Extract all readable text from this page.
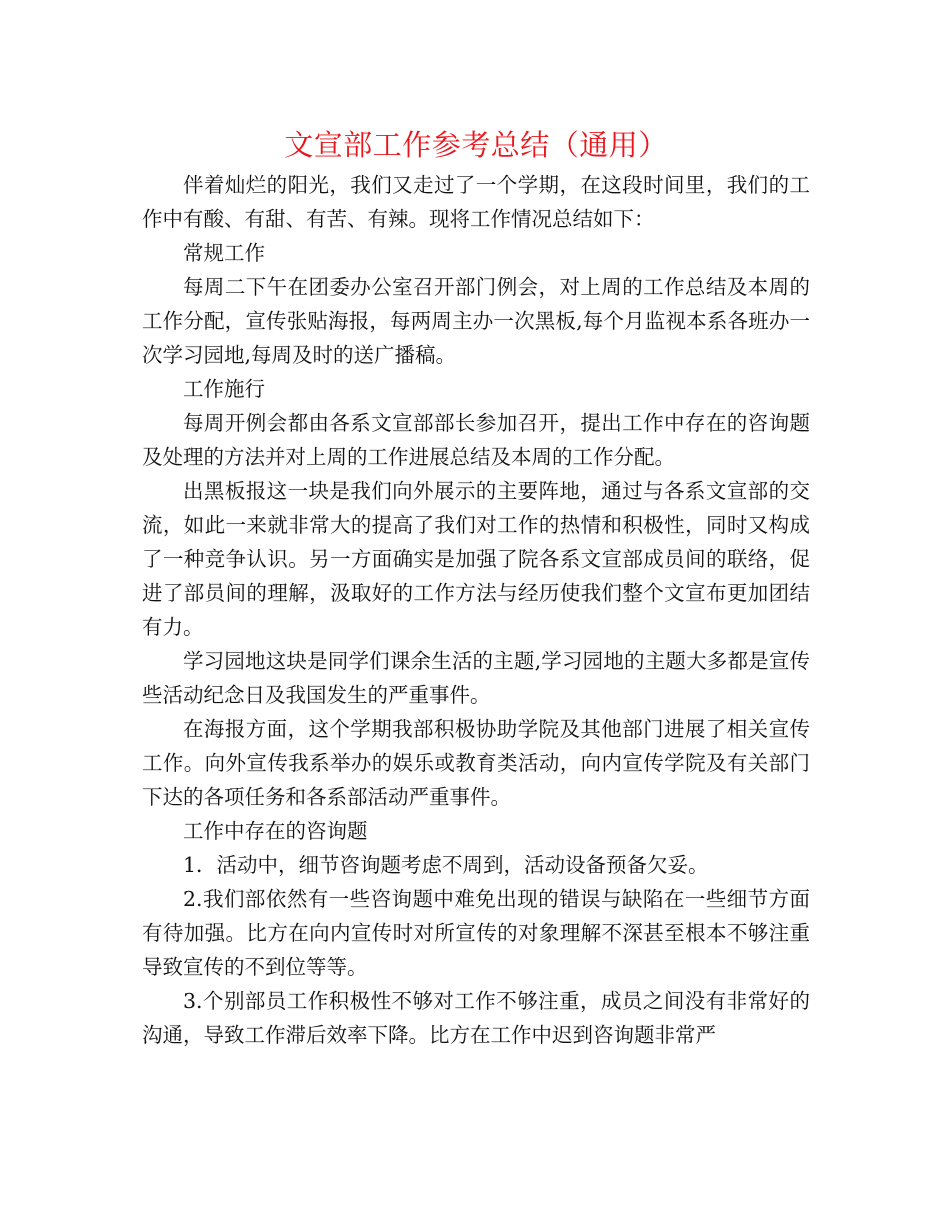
文宣部工作参考总结（通用）

伴着灿烂的阳光，我们又走过了一个学期，在这段时间里，我们的工作中有酸、有甜、有苦、有辣。现将工作情况总结如下：

常规工作

每周二下午在团委办公室召开部门例会，对上周的工作总结及本周的工作分配，宣传张贴海报，每两周主办一次黑板,每个月监视本系各班办一次学习园地,每周及时的送广播稿。

工作施行

每周开例会都由各系文宣部部长参加召开，提出工作中存在的咨询题及处理的方法并对上周的工作进展总结及本周的工作分配。

出黑板报这一块是我们向外展示的主要阵地，通过与各系文宣部的交流，如此一来就非常大的提高了我们对工作的热情和积极性，同时又构成了一种竞争认识。另一方面确实是加强了院各系文宣部成员间的联络，促进了部员间的理解，汲取好的工作方法与经历使我们整个文宣布更加团结有力。

学习园地这块是同学们课余生活的主题,学习园地的主题大多都是宣传些活动纪念日及我国发生的严重事件。

在海报方面，这个学期我部积极协助学院及其他部门进展了相关宣传工作。向外宣传我系举办的娱乐或教育类活动，向内宣传学院及有关部门下达的各项任务和各系部活动严重事件。

工作中存在的咨询题

1．活动中，细节咨询题考虑不周到，活动设备预备欠妥。

2.我们部依然有一些咨询题中难免出现的错误与缺陷在一些细节方面有待加强。比方在向内宣传时对所宣传的对象理解不深甚至根本不够注重导致宣传的不到位等等。

3.个别部员工作积极性不够对工作不够注重，成员之间没有非常好的沟通，导致工作滞后效率下降。比方在工作中迟到咨询题非常严
